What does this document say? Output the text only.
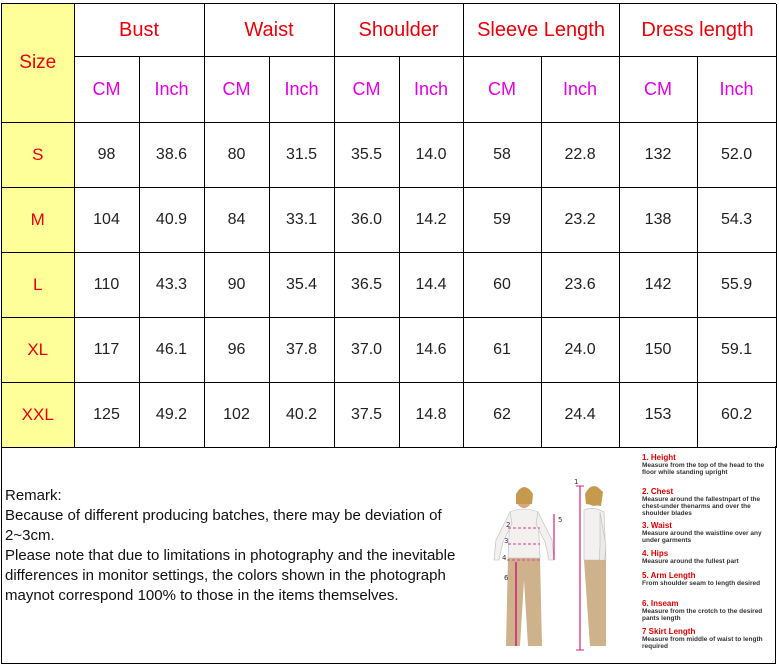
Size	Bust		Waist		Shoulder		Sleeve Length		Dress length	
	CM	Inch	CM	Inch	CM	Inch	CM	Inch	CM	Inch
S	98	38.6	80	31.5	35.5	14.0	58	22.8	132	52.0
M	104	40.9	84	33.1	36.0	14.2	59	23.2	138	54.3
L	110	43.3	90	35.4	36.5	14.4	60	23.6	142	55.9
XL	117	46.1	96	37.8	37.0	14.6	61	24.0	150	59.1
XXL	125	49.2	102	40.2	37.5	14.8	62	24.4	153	60.2
Remark:
Because of different producing batches, there may be deviation of 2~3cm.
Please note that due to limitations in photography and the inevitable differences in monitor settings, the colors shown in the photograph maynot correspond 100% to those in the items themselves.
2
3
4
5
6
1
1. Height
Measure from the top of the head to the floor while standing upright
2. Chest
Measure around the fallestnpart of the chest-under thenarms and over the shoulder blades
3. Waist
Measure around the waistline over any under garments
4. Hips
Measure around the fullest part
5. Arm Length
From shoulder seam to length desired
6. Inseam
Measure from the crotch to the desired pants length
7 Skirt Length
Measure from middle of waist to length required
